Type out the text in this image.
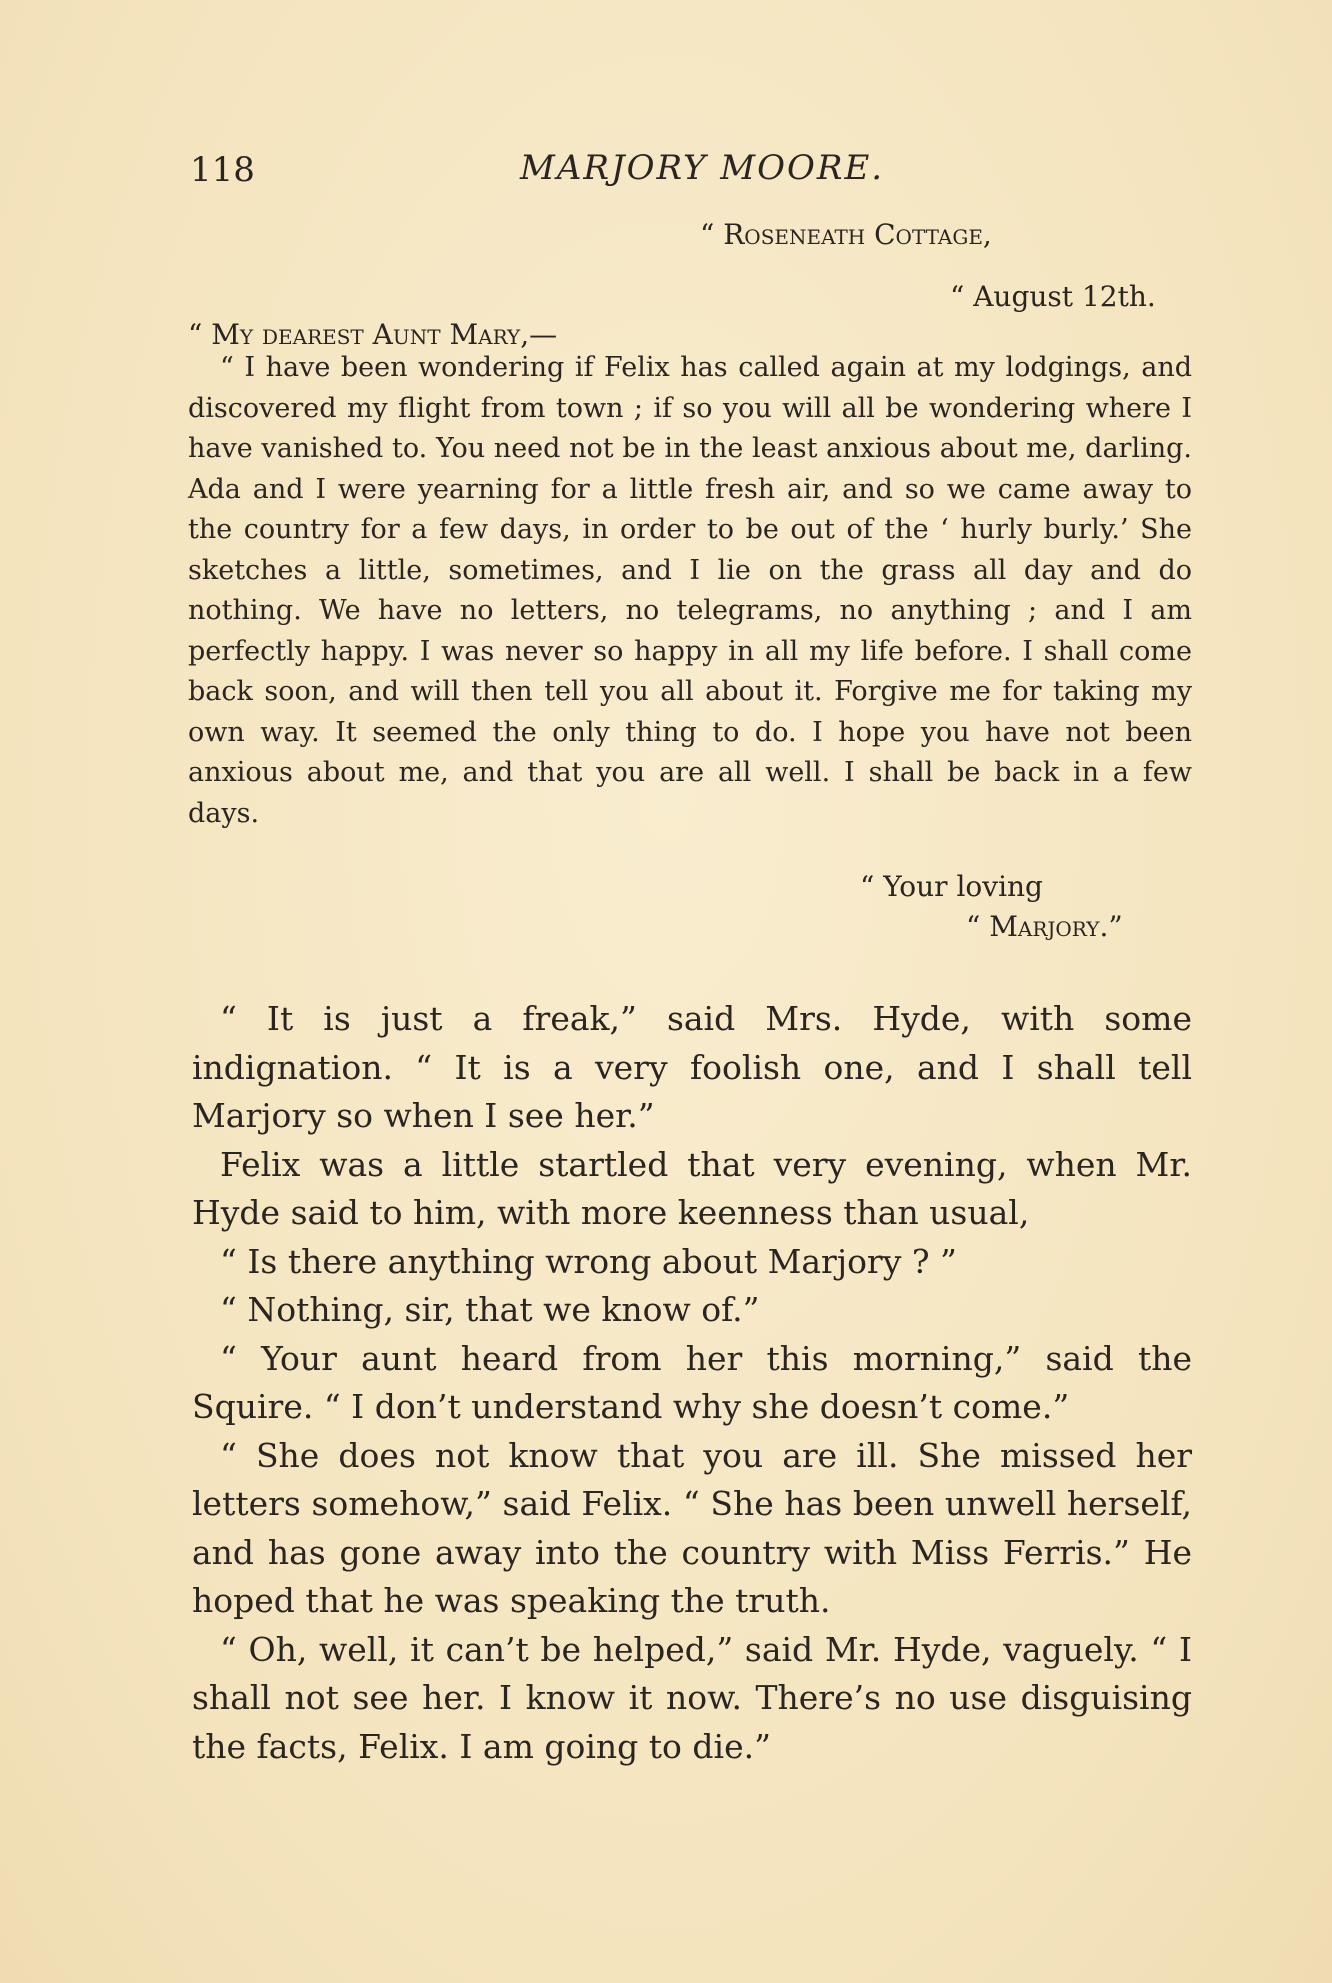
118	MARJORY MOORE.
“ Roseneath Cottage,
“ August 12th.
“ My dearest Aunt Mary,—
“ I have been wondering if Felix has called again at my lodgings, and discovered my flight from town ; if so you will all be wondering where I have vanished to. You need not be in the least anxious about me, darling. Ada and I were yearning for a little fresh air, and so we came away to the country for a few days, in order to be out of the ‘ hurly burly.’ She sketches a little, sometimes, and I lie on the grass all day and do nothing. We have no letters, no telegrams, no anything ; and I am perfectly happy. I was never so happy in all my life before. I shall come back soon, and will then tell you all about it. Forgive me for taking my own way. It seemed the only thing to do. I hope you have not been anxious about me, and that you are all well. I shall be back in a few days.
“ Your loving
“ Marjory.”

“ It is just a freak,” said Mrs. Hyde, with some indignation. “ It is a very foolish one, and I shall tell Marjory so when I see her.”

Felix was a little startled that very evening, when Mr. Hyde said to him, with more keenness than usual,

“ Is there anything wrong about Marjory ? ”

“ Nothing, sir, that we know of.”

“ Your aunt heard from her this morning,” said the Squire. “ I don’t understand why she doesn’t come.”

“ She does not know that you are ill. She missed her letters somehow,” said Felix. “ She has been unwell herself, and has gone away into the country with Miss Ferris.” He hoped that he was speaking the truth.

“ Oh, well, it can’t be helped,” said Mr. Hyde, vaguely. “ I shall not see her. I know it now. There’s no use disguising the facts, Felix. I am going to die.”
